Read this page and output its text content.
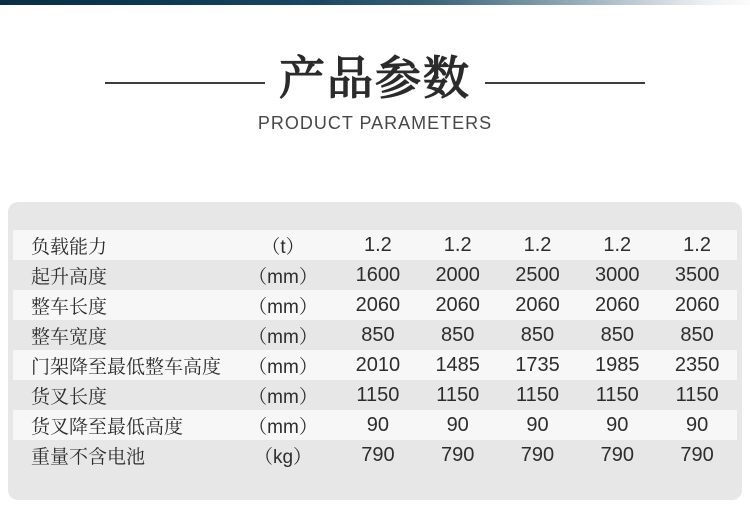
产品参数
PRODUCT PARAMETERS
负载能力	（t）	1.2	1.2	1.2	1.2	1.2
起升高度	（mm）	1600	2000	2500	3000	3500
整车长度	（mm）	2060	2060	2060	2060	2060
整车宽度	（mm）	850	850	850	850	850
门架降至最低整车高度	（mm）	2010	1485	1735	1985	2350
货叉长度	（mm）	1150	1150	1150	1150	1150
货叉降至最低高度	（mm）	90	90	90	90	90
重量不含电池	（kg）	790	790	790	790	790
